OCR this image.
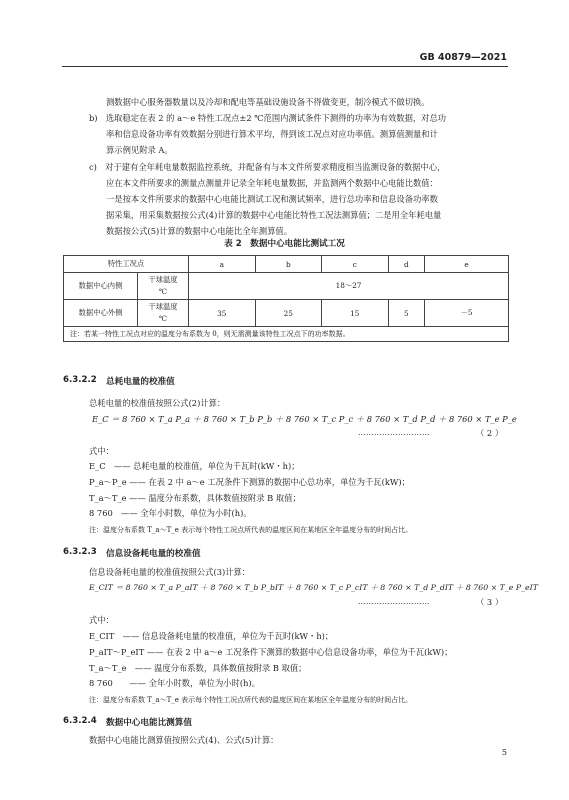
GB 40879—2021
测数据中心服务器数量以及冷却和配电等基础设施设备不得做变更，制冷模式不做切换。
b)　选取稳定在表 2 的 a～e 特性工况点±2 ℃范围内测试条件下测得的功率为有效数据，对总功
率和信息设备功率有效数据分别进行算术平均，得到该工况点对应功率值。测算值测量和计
算示例见附录 A。
c)　对于建有全年耗电量数据监控系统，并配备有与本文件所要求精度相当监测设备的数据中心，
应在本文件所要求的测量点测量并记录全年耗电量数据，并监测两个数据中心电能比数值：
一是按本文件所要求的数据中心电能比测试工况和测试频率，进行总功率和信息设备功率数
据采集，用采集数据按公式(4)计算的数据中心电能比特性工况法测算值；二是用全年耗电量
数据按公式(5)计算的数据中心电能比全年测算值。
表 2　数据中心电能比测试工况
特性工况点		a	b	c	d	e
数据中心内侧	干球温度
℃	18～27				
数据中心外侧	干球温度
℃	35	25	15	5	－5
注：若某一特性工况点对应的温度分布系数为 0，则无需测量该特性工况点下的功率数据。						
6.3.2.2 总耗电量的校准值
总耗电量的校准值按照公式(2)计算：
E_C ＝ 8 760 × T_a P_a ＋ 8 760 × T_b P_b ＋ 8 760 × T_c P_c ＋ 8 760 × T_d P_d ＋ 8 760 × T_e P_e
………………………	（ 2 ）
式中：
E_C　—— 总耗电量的校准值，单位为千瓦时(kW・h)；
P_a～P_e —— 在表 2 中 a～e 工况条件下测算的数据中心总功率，单位为千瓦(kW)；
T_a～T_e —— 温度分布系数，具体数值按附录 B 取值；
8 760　—— 全年小时数，单位为小时(h)。
注：温度分布系数 T_a～T_e 表示每个特性工况点所代表的温度区间在某地区全年温度分布的时间占比。
6.3.2.3 信息设备耗电量的校准值
信息设备耗电量的校准值按照公式(3)计算：
E_CIT ＝ 8 760 × T_a P_aIT ＋ 8 760 × T_b P_bIT ＋ 8 760 × T_c P_cIT ＋ 8 760 × T_d P_dIT ＋ 8 760 × T_e P_eIT
………………………	（ 3 ）
式中：
E_CIT　—— 信息设备耗电量的校准值，单位为千瓦时(kW・h)；
P_aIT～P_eIT —— 在表 2 中 a～e 工况条件下测算的数据中心信息设备功率，单位为千瓦(kW)；
T_a～T_e　—— 温度分布系数，具体数值按附录 B 取值；
8 760　　—— 全年小时数，单位为小时(h)。
注：温度分布系数 T_a～T_e 表示每个特性工况点所代表的温度区间在某地区全年温度分布的时间占比。
6.3.2.4 数据中心电能比测算值
数据中心电能比测算值按照公式(4)、公式(5)计算：
5
